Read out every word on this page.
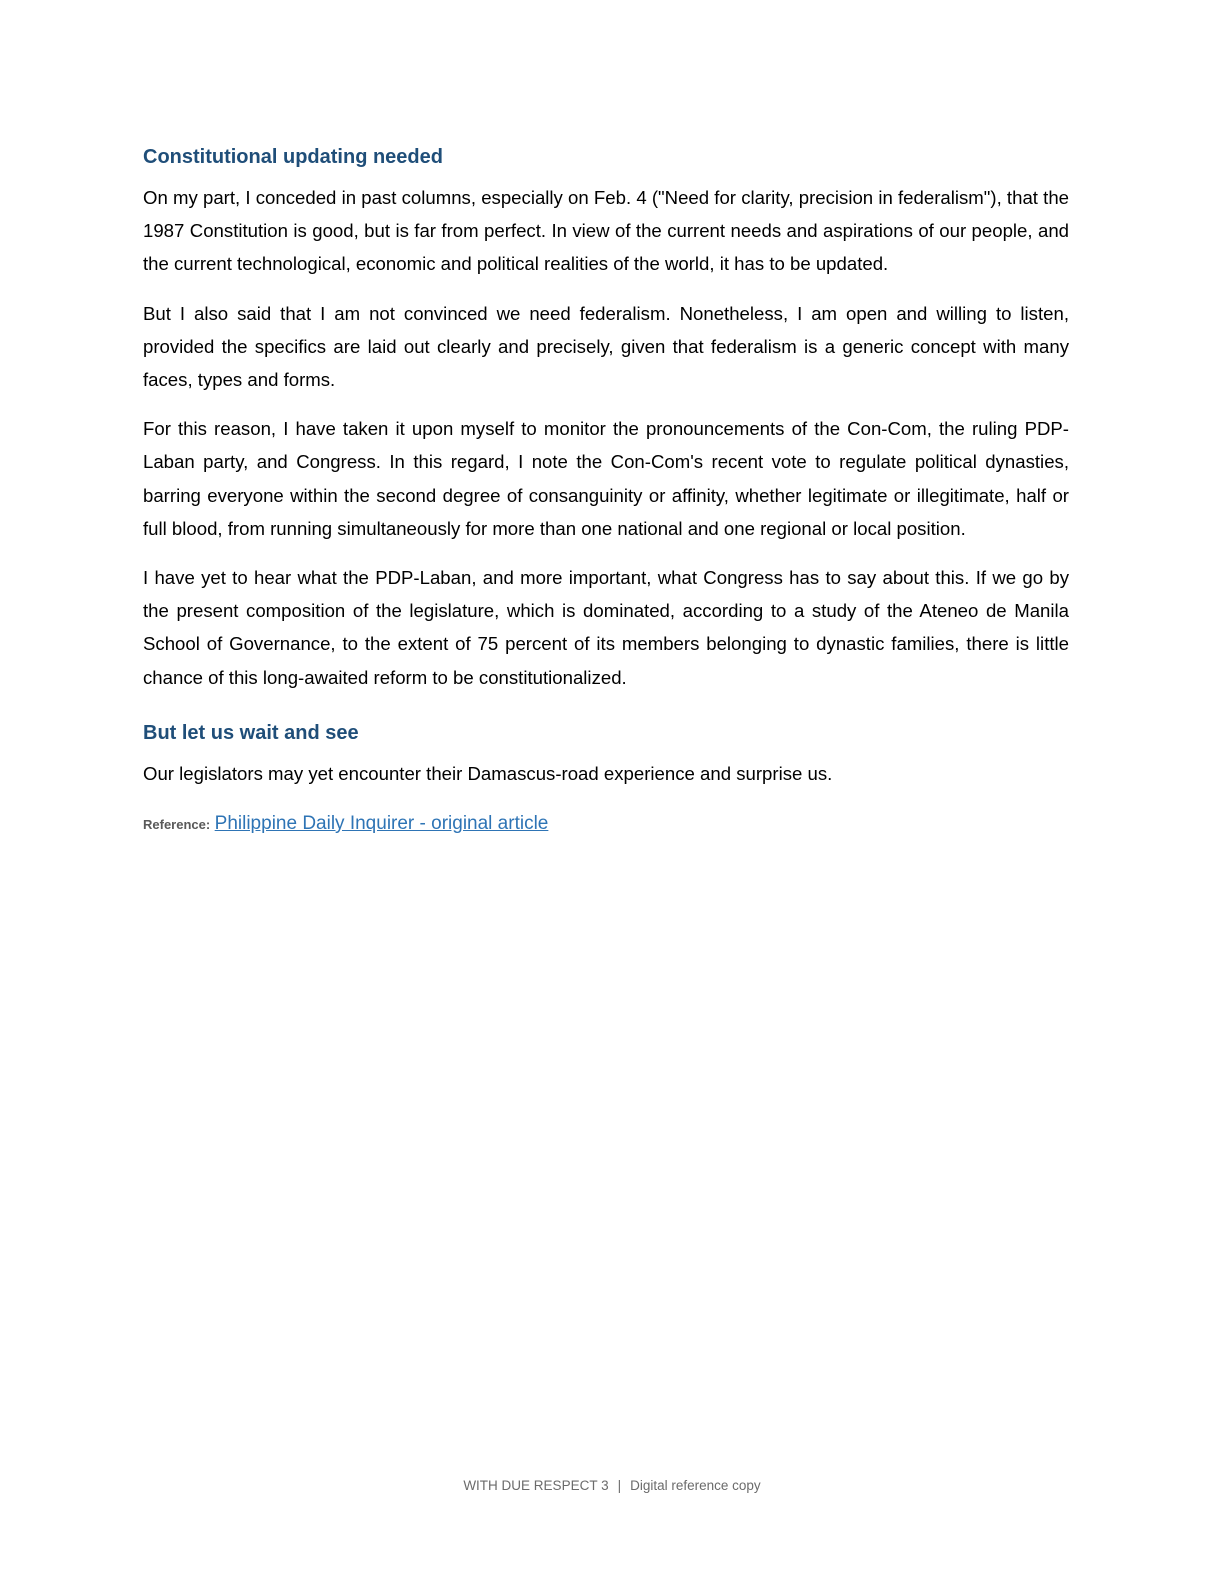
Constitutional updating needed

On my part, I conceded in past columns, especially on Feb. 4 ("Need for clarity, precision in federalism"), that the 1987 Constitution is good, but is far from perfect. In view of the current needs and aspirations of our people, and the current technological, economic and political realities of the world, it has to be updated.

But I also said that I am not convinced we need federalism. Nonetheless, I am open and willing to listen, provided the specifics are laid out clearly and precisely, given that federalism is a generic concept with many faces, types and forms.

For this reason, I have taken it upon myself to monitor the pronouncements of the Con-Com, the ruling PDP-Laban party, and Congress. In this regard, I note the Con-Com's recent vote to regulate political dynasties, barring everyone within the second degree of consanguinity or affinity, whether legitimate or illegitimate, half or full blood, from running simultaneously for more than one national and one regional or local position.

I have yet to hear what the PDP-Laban, and more important, what Congress has to say about this. If we go by the present composition of the legislature, which is dominated, according to a study of the Ateneo de Manila School of Governance, to the extent of 75 percent of its members belonging to dynastic families, there is little chance of this long-awaited reform to be constitutionalized.

But let us wait and see

Our legislators may yet encounter their Damascus-road experience and surprise us.

Reference: Philippine Daily Inquirer - original article

WITH DUE RESPECT 3 | Digital reference copy
